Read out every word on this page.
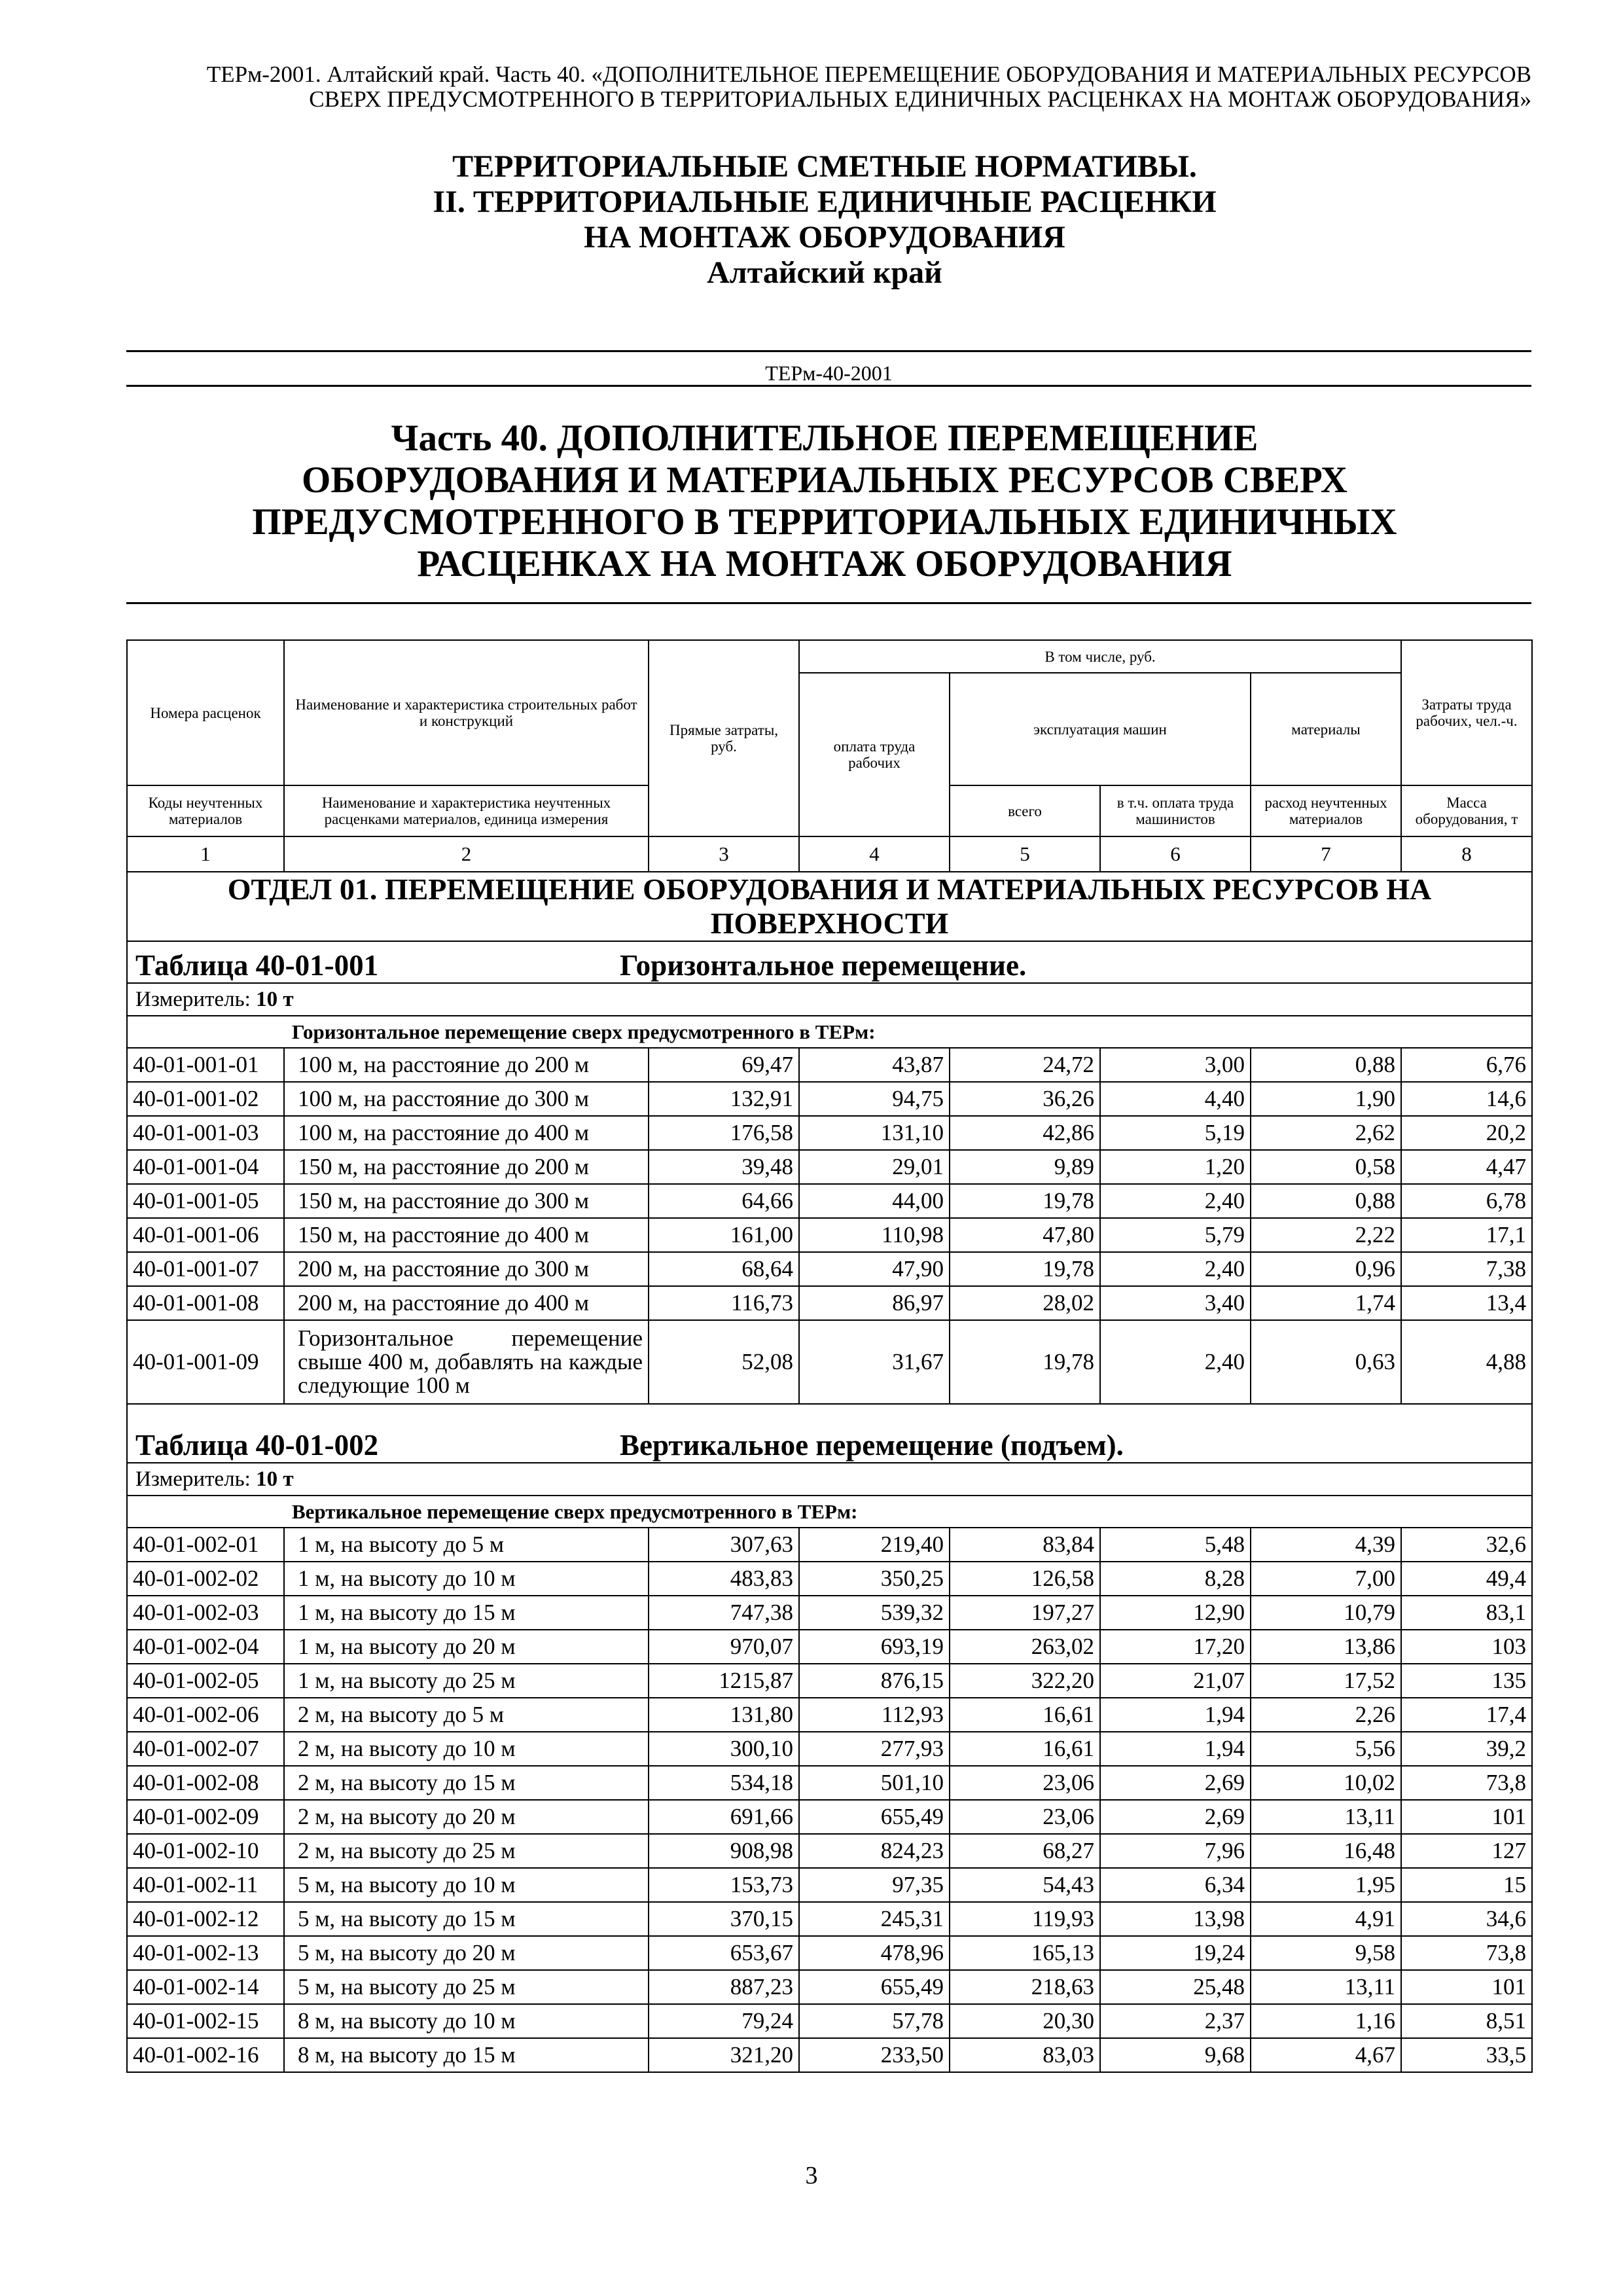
ТЕРм-2001. Алтайский край. Часть 40. «ДОПОЛНИТЕЛЬНОЕ ПЕРЕМЕЩЕНИЕ ОБОРУДОВАНИЯ И МАТЕРИАЛЬНЫХ РЕСУРСОВ
СВЕРХ ПРЕДУСМОТРЕННОГО В ТЕРРИТОРИАЛЬНЫХ ЕДИНИЧНЫХ РАСЦЕНКАХ НА МОНТАЖ ОБОРУДОВАНИЯ»
ТЕРРИТОРИАЛЬНЫЕ СМЕТНЫЕ НОРМАТИВЫ.
II. ТЕРРИТОРИАЛЬНЫЕ ЕДИНИЧНЫЕ РАСЦЕНКИ
НА МОНТАЖ ОБОРУДОВАНИЯ
Алтайский край
ТЕРм-40-2001
Часть 40. ДОПОЛНИТЕЛЬНОЕ ПЕРЕМЕЩЕНИЕ
ОБОРУДОВАНИЯ И МАТЕРИАЛЬНЫХ РЕСУРСОВ СВЕРХ
ПРЕДУСМОТРЕННОГО В ТЕРРИТОРИАЛЬНЫХ ЕДИНИЧНЫХ
РАСЦЕНКАХ НА МОНТАЖ ОБОРУДОВАНИЯ
Номера расценок	Наименование и характеристика строительных работ и конструкций	Прямые затраты, руб.	В том числе, руб.				Затраты труда рабочих, чел.-ч.
			оплата труда рабочих	эксплуатация машин		материалы	
Коды неучтенных материалов	Наименование и характеристика неучтенных расценками материалов, единица измерения			всего	в т.ч. оплата труда машинистов	расход неучтенных материалов	Масса оборудования, т
1	2	3	4	5	6	7	8
ОТДЕЛ 01. ПЕРЕМЕЩЕНИЕ ОБОРУДОВАНИЯ И МАТЕРИАЛЬНЫХ РЕСУРСОВ НА ПОВЕРХНОСТИ							
Таблица 40-01-001 Горизонтальное перемещение.							
Измеритель: 10 т							
	Горизонтальное перемещение сверх предусмотренного в ТЕРм:						
40-01-001-01	100 м, на расстояние до 200 м	69,47	43,87	24,72	3,00	0,88	6,76
40-01-001-02	100 м, на расстояние до 300 м	132,91	94,75	36,26	4,40	1,90	14,6
40-01-001-03	100 м, на расстояние до 400 м	176,58	131,10	42,86	5,19	2,62	20,2
40-01-001-04	150 м, на расстояние до 200 м	39,48	29,01	9,89	1,20	0,58	4,47
40-01-001-05	150 м, на расстояние до 300 м	64,66	44,00	19,78	2,40	0,88	6,78
40-01-001-06	150 м, на расстояние до 400 м	161,00	110,98	47,80	5,79	2,22	17,1
40-01-001-07	200 м, на расстояние до 300 м	68,64	47,90	19,78	2,40	0,96	7,38
40-01-001-08	200 м, на расстояние до 400 м	116,73	86,97	28,02	3,40	1,74	13,4
40-01-001-09	Горизонтальное перемещение свыше 400 м, добавлять на каждые следующие 100 м	52,08	31,67	19,78	2,40	0,63	4,88
Таблица 40-01-002 Вертикальное перемещение (подъем).							
Измеритель: 10 т							
	Вертикальное перемещение сверх предусмотренного в ТЕРм:						
40-01-002-01	1 м, на высоту до 5 м	307,63	219,40	83,84	5,48	4,39	32,6
40-01-002-02	1 м, на высоту до 10 м	483,83	350,25	126,58	8,28	7,00	49,4
40-01-002-03	1 м, на высоту до 15 м	747,38	539,32	197,27	12,90	10,79	83,1
40-01-002-04	1 м, на высоту до 20 м	970,07	693,19	263,02	17,20	13,86	103
40-01-002-05	1 м, на высоту до 25 м	1215,87	876,15	322,20	21,07	17,52	135
40-01-002-06	2 м, на высоту до 5 м	131,80	112,93	16,61	1,94	2,26	17,4
40-01-002-07	2 м, на высоту до 10 м	300,10	277,93	16,61	1,94	5,56	39,2
40-01-002-08	2 м, на высоту до 15 м	534,18	501,10	23,06	2,69	10,02	73,8
40-01-002-09	2 м, на высоту до 20 м	691,66	655,49	23,06	2,69	13,11	101
40-01-002-10	2 м, на высоту до 25 м	908,98	824,23	68,27	7,96	16,48	127
40-01-002-11	5 м, на высоту до 10 м	153,73	97,35	54,43	6,34	1,95	15
40-01-002-12	5 м, на высоту до 15 м	370,15	245,31	119,93	13,98	4,91	34,6
40-01-002-13	5 м, на высоту до 20 м	653,67	478,96	165,13	19,24	9,58	73,8
40-01-002-14	5 м, на высоту до 25 м	887,23	655,49	218,63	25,48	13,11	101
40-01-002-15	8 м, на высоту до 10 м	79,24	57,78	20,30	2,37	1,16	8,51
40-01-002-16	8 м, на высоту до 15 м	321,20	233,50	83,03	9,68	4,67	33,5
3
